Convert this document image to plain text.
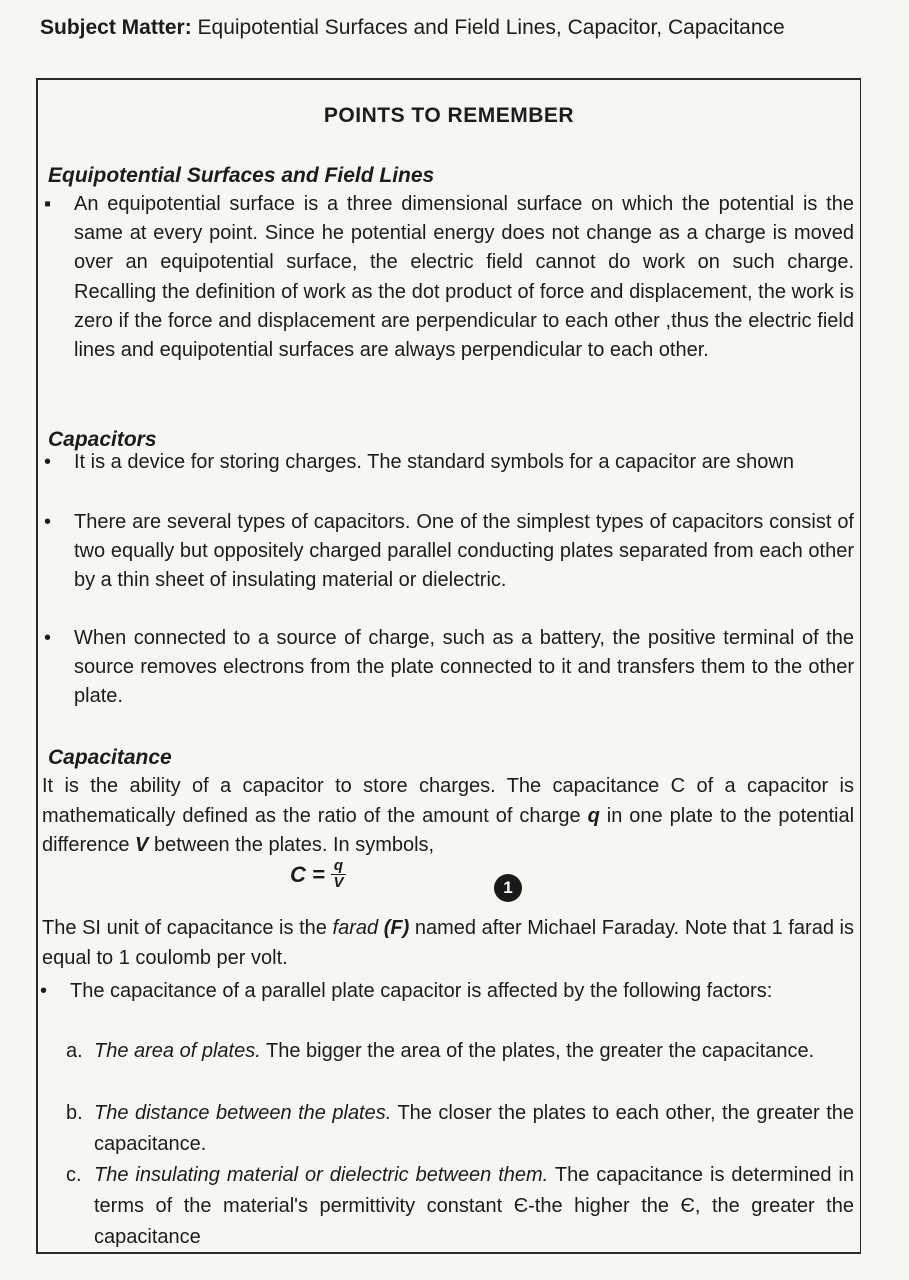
Subject Matter: Equipotential Surfaces and Field Lines, Capacitor, Capacitance
POINTS TO REMEMBER
Equipotential Surfaces and Field Lines
▪ An equipotential surface is a three dimensional surface on which the potential is the same at every point. Since he potential energy does not change as a charge is moved over an equipotential surface, the electric field cannot do work on such charge. Recalling the definition of work as the dot product of force and displacement, the work is zero if the force and displacement are perpendicular to each other ,thus the electric field lines and equipotential surfaces are always perpendicular to each other.
Capacitors
• It is a device for storing charges. The standard symbols for a capacitor are shown
• There are several types of capacitors. One of the simplest types of capacitors consist of two equally but oppositely charged parallel conducting plates separated from each other by a thin sheet of insulating material or dielectric.
• When connected to a source of charge, such as a battery, the positive terminal of the source removes electrons from the plate connected to it and transfers them to the other plate.
Capacitance
It is the ability of a capacitor to store charges. The capacitance C of a capacitor is mathematically defined as the ratio of the amount of charge q in one plate to the potential difference V between the plates. In symbols,
$C = \frac{q}{V}$	1
The SI unit of capacitance is the farad (F) named after Michael Faraday. Note that 1 farad is equal to 1 coulomb per volt.
• The capacitance of a parallel plate capacitor is affected by the following factors:
a. The area of plates. The bigger the area of the plates, the greater the capacitance.
b. The distance between the plates. The closer the plates to each other, the greater the capacitance.
c. The insulating material or dielectric between them. The capacitance is determined in terms of the material's permittivity constant Є-the higher the Є, the greater the capacitance
